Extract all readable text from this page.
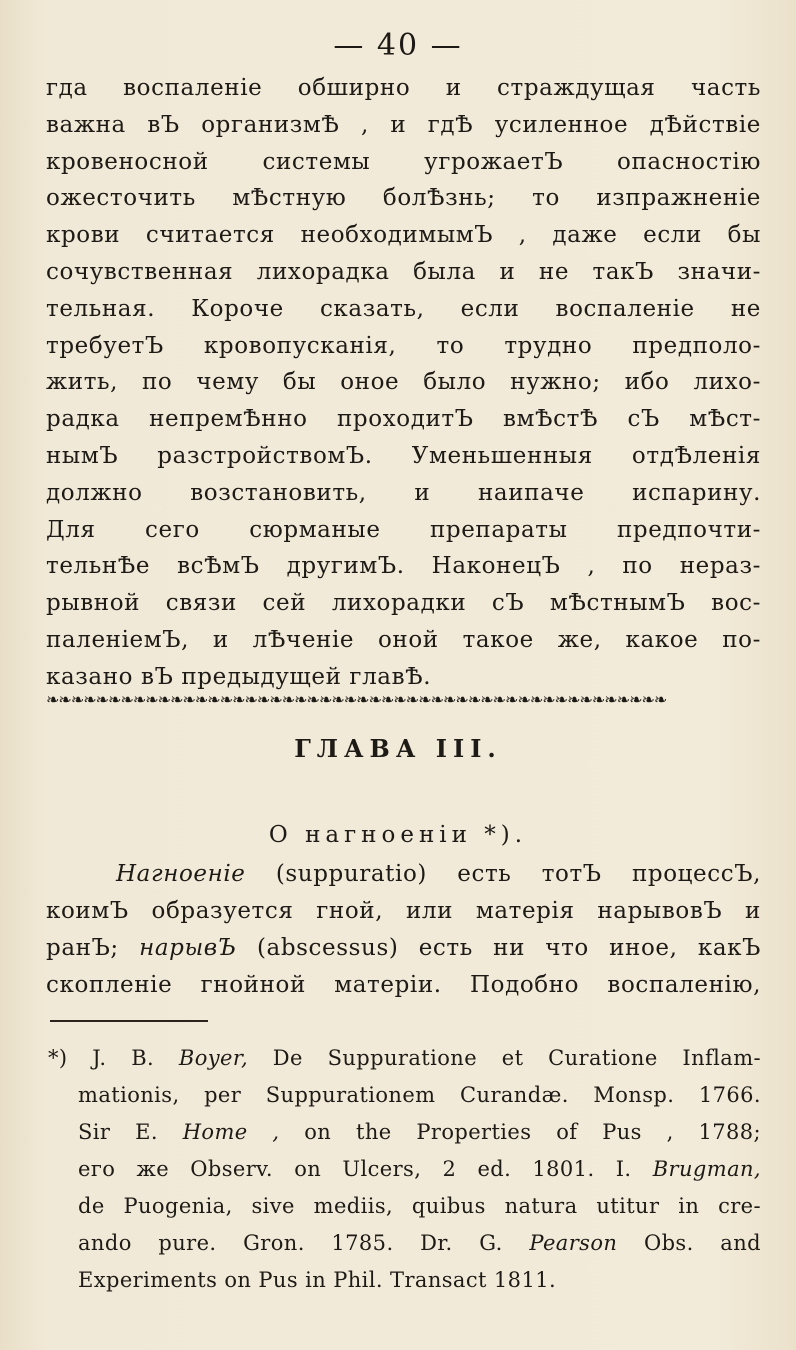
— 40 —
гда воспаленіе обширно и страждущая часть
важна вЪ организмѢ , и гдѢ усиленное дѢйствіе
кровеносной системы угрожаетЪ опасностію
ожесточить мѢстную болѢзнь; то изпражненіе
крови считается необходимымЪ , даже если бы
сочувственная лихорадка была и не такЪ значи-
тельная. Короче сказать, если воспаленіе не
требуетЪ кровопусканія, то трудно предполо-
жить, по чему бы оное было нужно; ибо лихо-
радка непремѢнно проходитЪ вмѢстѢ сЪ мѢст-
нымЪ разстройствомЪ. Уменьшенныя отдѢленія
должно возстановить, и наипаче испарину.
Для сего сюрманые препараты предпочти-
тельнѢе всѢмЪ другимЪ. НаконецЪ , по нераз-
рывной связи сей лихорадки сЪ мѢстнымЪ вос-
паленіемЪ, и лѢченіе оной такое же, какое по-
казано вЪ предыдущей главѢ.
❧❧❧❧❧❧❧❧❧❧❧❧❧❧❧❧❧❧❧❧❧❧❧❧❧❧❧❧❧❧❧❧❧❧❧❧❧❧❧❧❧❧❧❧❧❧❧❧❧❧
ГЛАВА III.
О нагноеніи *).
Нагноеніе (suppuratio) есть тотЪ процессЪ,
коимЪ образуется гной, или матерія нарывовЪ и
ранЪ; нарывЪ (abscessus) есть ни что иное, какЪ
скопленіе гнойной матеріи. Подобно воспаленію,
*) J. B. Boyer, De Suppuratione et Curatione Inflam-
mationis, per Suppurationem Curandæ. Monsp. 1766.
Sir E. Home , on the Properties of Pus , 1788;
его же Observ. on Ulcers, 2 ed. 1801. I. Brugman,
de Puogenia, sive mediis, quibus natura utitur in cre-
ando pure. Gron. 1785. Dr. G. Pearson Obs. and
Experiments on Pus in Phil. Transact 1811.
